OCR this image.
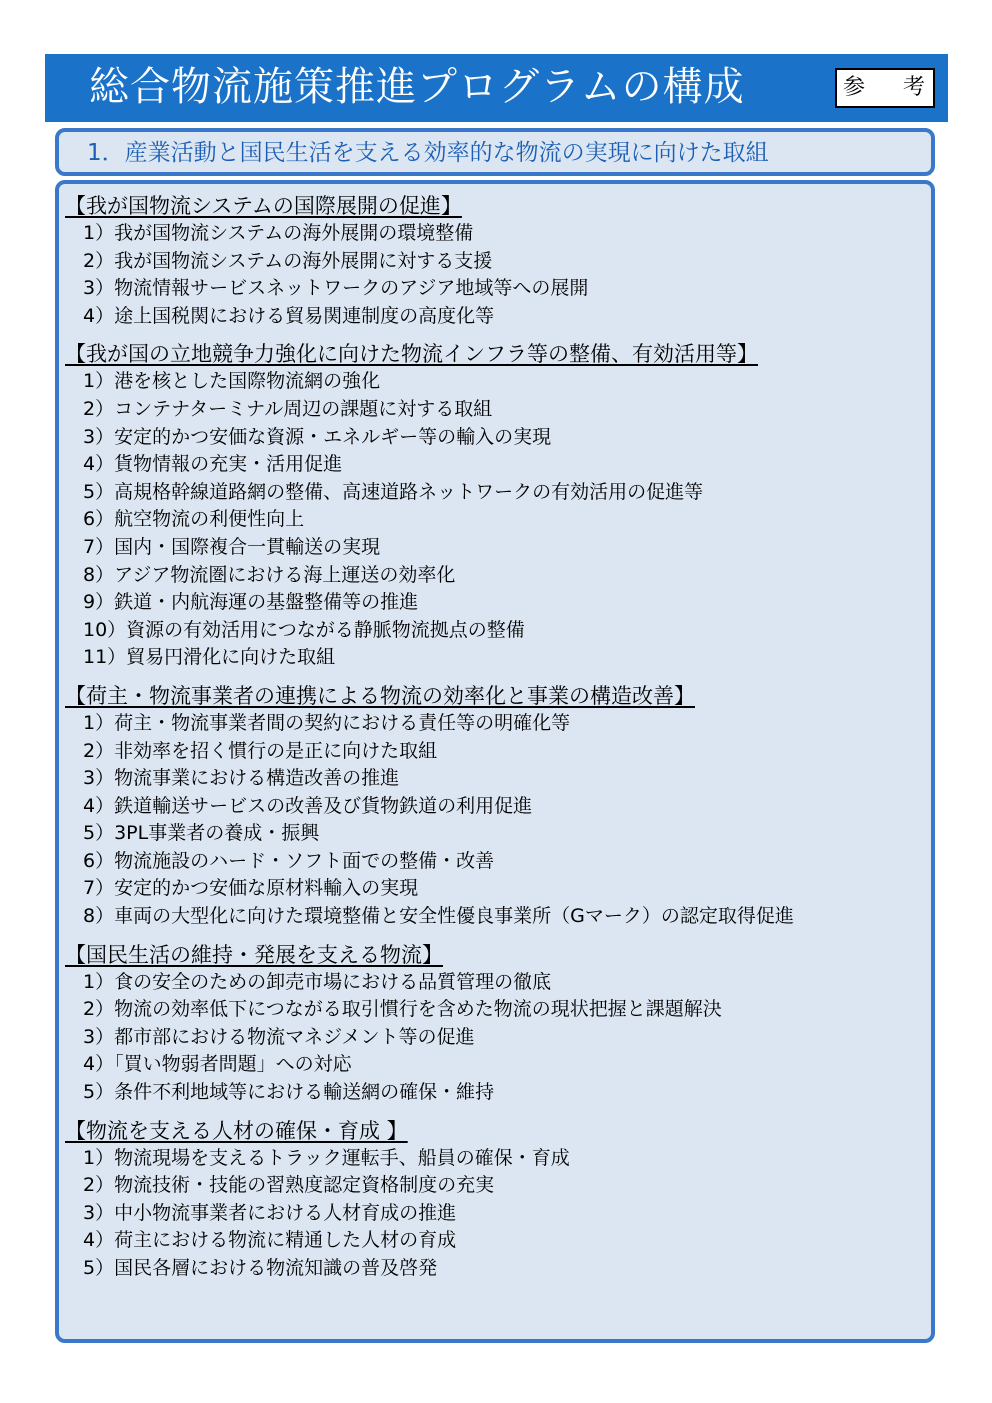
総合物流施策推進プログラムの構成	参　考
1．産業活動と国民生活を支える効率的な物流の実現に向けた取組
【我が国物流システムの国際展開の促進】
1）我が国物流システムの海外展開の環境整備
2）我が国物流システムの海外展開に対する支援
3）物流情報サービスネットワークのアジア地域等への展開
4）途上国税関における貿易関連制度の高度化等
【我が国の立地競争力強化に向けた物流インフラ等の整備、有効活用等】
1）港を核とした国際物流網の強化
2）コンテナターミナル周辺の課題に対する取組
3）安定的かつ安価な資源・エネルギー等の輸入の実現
4）貨物情報の充実・活用促進
5）高規格幹線道路網の整備、高速道路ネットワークの有効活用の促進等
6）航空物流の利便性向上
7）国内・国際複合一貫輸送の実現
8）アジア物流圏における海上運送の効率化
9）鉄道・内航海運の基盤整備等の推進
10）資源の有効活用につながる静脈物流拠点の整備
11）貿易円滑化に向けた取組
【荷主・物流事業者の連携による物流の効率化と事業の構造改善】
1）荷主・物流事業者間の契約における責任等の明確化等
2）非効率を招く慣行の是正に向けた取組
3）物流事業における構造改善の推進
4）鉄道輸送サービスの改善及び貨物鉄道の利用促進
5）3PL事業者の養成・振興
6）物流施設のハード・ソフト面での整備・改善
7）安定的かつ安価な原材料輸入の実現
8）車両の大型化に向けた環境整備と安全性優良事業所（Gマーク）の認定取得促進
【国民生活の維持・発展を支える物流】
1）食の安全のための卸売市場における品質管理の徹底
2）物流の効率低下につながる取引慣行を含めた物流の現状把握と課題解決
3）都市部における物流マネジメント等の促進
4）「買い物弱者問題」への対応
5）条件不利地域等における輸送網の確保・維持
【物流を支える人材の確保・育成 】
1）物流現場を支えるトラック運転手、船員の確保・育成
2）物流技術・技能の習熟度認定資格制度の充実
3）中小物流事業者における人材育成の推進
4）荷主における物流に精通した人材の育成
5）国民各層における物流知識の普及啓発
